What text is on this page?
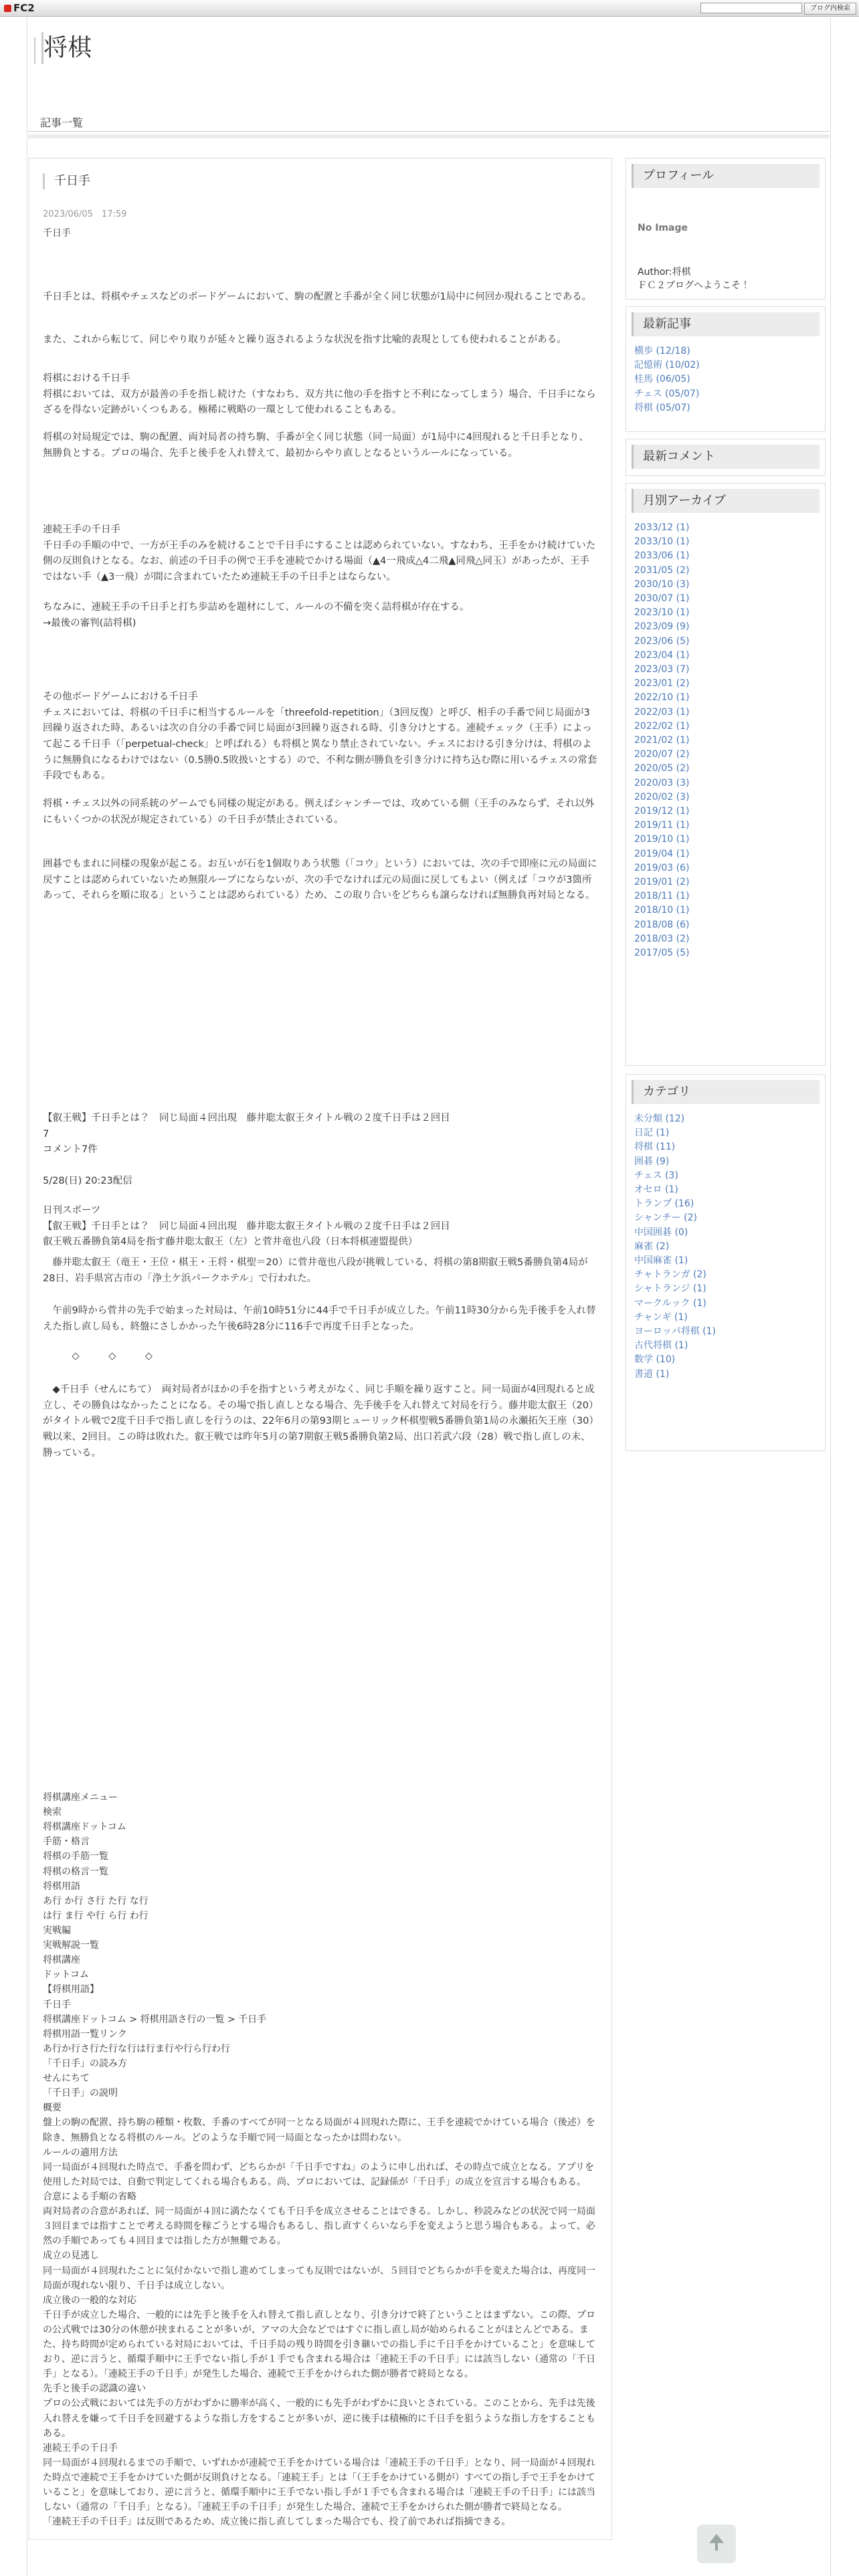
FC2	ブログ内検索
将棋
記事一覧
千日手
2023/06/05　17:59
千日手

千日手とは、将棋やチェスなどのボードゲームにおいて、駒の配置と手番が全く同じ状態が1局中に何回か現れることである。

また、これから転じて、同じやり取りが延々と繰り返されるような状況を指す比喩的表現としても使われることがある。

将棋における千日手
将棋においては、双方が最善の手を指し続けた（すなわち、双方共に他の手を指すと不利になってしまう）場合、千日手にならざるを得ない定跡がいくつもある。極稀に戦略の一環として使われることもある。

将棋の対局規定では、駒の配置、両対局者の持ち駒、手番が全く同じ状態（同一局面）が1局中に4回現れると千日手となり、無勝負とする。プロの場合、先手と後手を入れ替えて、最初からやり直しとなるというルールになっている。

連続王手の千日手
千日手の手順の中で、一方が王手のみを続けることで千日手にすることは認められていない。すなわち、王手をかけ続けていた側の反則負けとなる。なお、前述の千日手の例で王手を連続でかける場面（▲4一飛成△4二飛▲同飛△同玉）があったが、王手ではない手（▲3一飛）が間に含まれていたため連続王手の千日手とはならない。

ちなみに、連続王手の千日手と打ち歩詰めを題材にして、ルールの不備を突く詰将棋が存在する。
→最後の審判(詰将棋)

その他ボードゲームにおける千日手
チェスにおいては、将棋の千日手に相当するルールを「threefold-repetition」（3回反復）と呼び、相手の手番で同じ局面が3回繰り返された時、あるいは次の自分の手番で同じ局面が3回繰り返される時、引き分けとする。連続チェック（王手）によって起こる千日手（「perpetual-check」と呼ばれる）も将棋と異なり禁止されていない。チェスにおける引き分けは、将棋のように無勝負になるわけではない（0.5勝0.5敗扱いとする）ので、不利な側が勝負を引き分けに持ち込む際に用いるチェスの常套手段でもある。

将棋・チェス以外の同系統のゲームでも同様の規定がある。例えばシャンチーでは、攻めている側（王手のみならず、それ以外にもいくつかの状況が規定されている）の千日手が禁止されている。

囲碁でもまれに同様の現象が起こる。お互いが石を1個取りあう状態（「コウ」という）においては、次の手で即座に元の局面に戻すことは認められていないため無限ループにならないが、次の手でなければ元の局面に戻してもよい（例えば「コウが3箇所あって、それらを順に取る」ということは認められている）ため、この取り合いをどちらも譲らなければ無勝負再対局となる。

【叡王戦】千日手とは？　同じ局面４回出現　藤井聡太叡王タイトル戦の２度千日手は２回目
7
コメント7件

5/28(日) 20:23配信

日刊スポーツ
【叡王戦】千日手とは？　同じ局面４回出現　藤井聡太叡王タイトル戦の２度千日手は２回目
叡王戦五番勝負第4局を指す藤井聡太叡王（左）と菅井竜也八段（日本将棋連盟提供）

　藤井聡太叡王（竜王・王位・棋王・王将・棋聖＝20）に菅井竜也八段が挑戦している、将棋の第8期叡王戦5番勝負第4局が28日、岩手県宮古市の「浄土ケ浜パークホテル」で行われた。

　午前9時から菅井の先手で始まった対局は、午前10時51分に44手で千日手が成立した。午前11時30分から先手後手を入れ替えた指し直し局も、終盤にさしかかった午後6時28分に116手で再度千日手となった。

　　　◇　　　◇　　　◇

　◆千日手（せんにちて）　両対局者がほかの手を指すという考えがなく、同じ手順を繰り返すこと。同一局面が4回現れると成立し、その勝負はなかったことになる。その場で指し直しとなる場合、先手後手を入れ替えて対局を行う。藤井聡太叡王（20）がタイトル戦で2度千日手で指し直しを行うのは、22年6月の第93期ヒューリック杯棋聖戦5番勝負第1局の永瀬拓矢王座（30）戦以来、2回目。この時は敗れた。叡王戦では昨年5月の第7期叡王戦5番勝負第2局、出口若武六段（28）戦で指し直しの末、勝っている。

将棋講座メニュー
検索
将棋講座ドットコム
手筋・格言
将棋の手筋一覧
将棋の格言一覧
将棋用語
あ行 か行 さ行 た行 な行
は行 ま行 や行 ら行 わ行
実戦編
実戦解説一覧
将棋講座
ドットコム
【将棋用語】
千日手
将棋講座ドットコム > 将棋用語さ行の一覧 > 千日手
将棋用語一覧リンク
あ行か行さ行た行な行は行ま行や行ら行わ行
「千日手」の読み方
せんにちて
「千日手」の説明
概要
盤上の駒の配置、持ち駒の種類・枚数、手番のすべてが同一となる局面が４回現れた際に、王手を連続でかけている場合（後述）を除き、無勝負となる将棋のルール。どのような手順で同一局面となったかは問わない。
ルールの適用方法
同一局面が４回現れた時点で、手番を問わず、どちらかが「千日手ですね」のように申し出れば、その時点で成立となる。アプリを使用した対局では、自動で判定してくれる場合もある。尚、プロにおいては、記録係が「千日手」の成立を宣言する場合もある。
合意による手順の省略
両対局者の合意があれば、同一局面が４回に満たなくても千日手を成立させることはできる。しかし、秒読みなどの状況で同一局面３回目までは指すことで考える時間を稼ごうとする場合もあるし、指し直すくらいなら手を変えようと思う場合もある。よって、必然の手順であっても４回目までは指した方が無難である。
成立の見逃し
同一局面が４回現れたことに気付かないで指し進めてしまっても反則ではないが、５回目でどちらかが手を変えた場合は、再度同一局面が現れない限り、千日手は成立しない。
成立後の一般的な対応
千日手が成立した場合、一般的には先手と後手を入れ替えて指し直しとなり、引き分けで終了ということはまずない。この際、プロの公式戦では30分の休憩が挟まれることが多いが、アマの大会などではすぐに指し直し局が始められることがほとんどである。また、持ち時間が定められている対局においては、千日手局の残り時間を引き継いでの指し手に千日手をかけていること」を意味しており、逆に言うと、循環手順中に王手でない指し手が１手でも含まれる場合は「連続王手の千日手」には該当しない（通常の「千日手」となる）。「連続王手の千日手」が発生した場合、連続で王手をかけられた側が勝者で終局となる。
先手と後手の認識の違い
プロの公式戦においては先手の方がわずかに勝率が高く、一般的にも先手がわずかに良いとされている。このことから、先手は先後入れ替えを嫌って千日手を回避するような指し方をすることが多いが、逆に後手は積極的に千日手を狙うような指し方をすることもある。
連続王手の千日手
同一局面が４回現れるまでの手順で、いずれかが連続で王手をかけている場合は「連続王手の千日手」となり、同一局面が４回現れた時点で連続で王手をかけていた側が反則負けとなる。「連続王手」とは「（王手をかけている側が）すべての指し手で王手をかけていること」を意味しており、逆に言うと、循環手順中に王手でない指し手が１手でも含まれる場合は「連続王手の千日手」には該当しない（通常の「千日手」となる）。「連続王手の千日手」が発生した場合、連続で王手をかけられた側が勝者で終局となる。
「連続王手の千日手」は反則であるため、成立後に指し直してしまった場合でも、投了前であれば指摘できる。

プロフィール
No Image
Author:将棋
ＦＣ２ブログへようこそ！
最新記事
横歩 (12/18)
記憶術 (10/02)
桂馬 (06/05)
チェス (05/07)
将棋 (05/07)
最新コメント
月別アーカイブ
2033/12 (1)
2033/10 (1)
2033/06 (1)
2031/05 (2)
2030/10 (3)
2030/07 (1)
2023/10 (1)
2023/09 (9)
2023/06 (5)
2023/04 (1)
2023/03 (7)
2023/01 (2)
2022/10 (1)
2022/03 (1)
2022/02 (1)
2021/02 (1)
2020/07 (2)
2020/05 (2)
2020/03 (3)
2020/02 (3)
2019/12 (1)
2019/11 (1)
2019/10 (1)
2019/04 (1)
2019/03 (6)
2019/01 (2)
2018/11 (1)
2018/10 (1)
2018/08 (6)
2018/03 (2)
2017/05 (5)
カテゴリ
未分類 (12)
日記 (1)
将棋 (11)
囲碁 (9)
チェス (3)
オセロ (1)
トランプ (16)
シャンチー (2)
中国囲碁 (0)
麻雀 (2)
中国麻雀 (1)
チャトランガ (2)
シャトランジ (1)
マークルック (1)
チャンギ (1)
ヨーロッパ将棋 (1)
古代将棋 (1)
数学 (10)
書道 (1)
🠉
